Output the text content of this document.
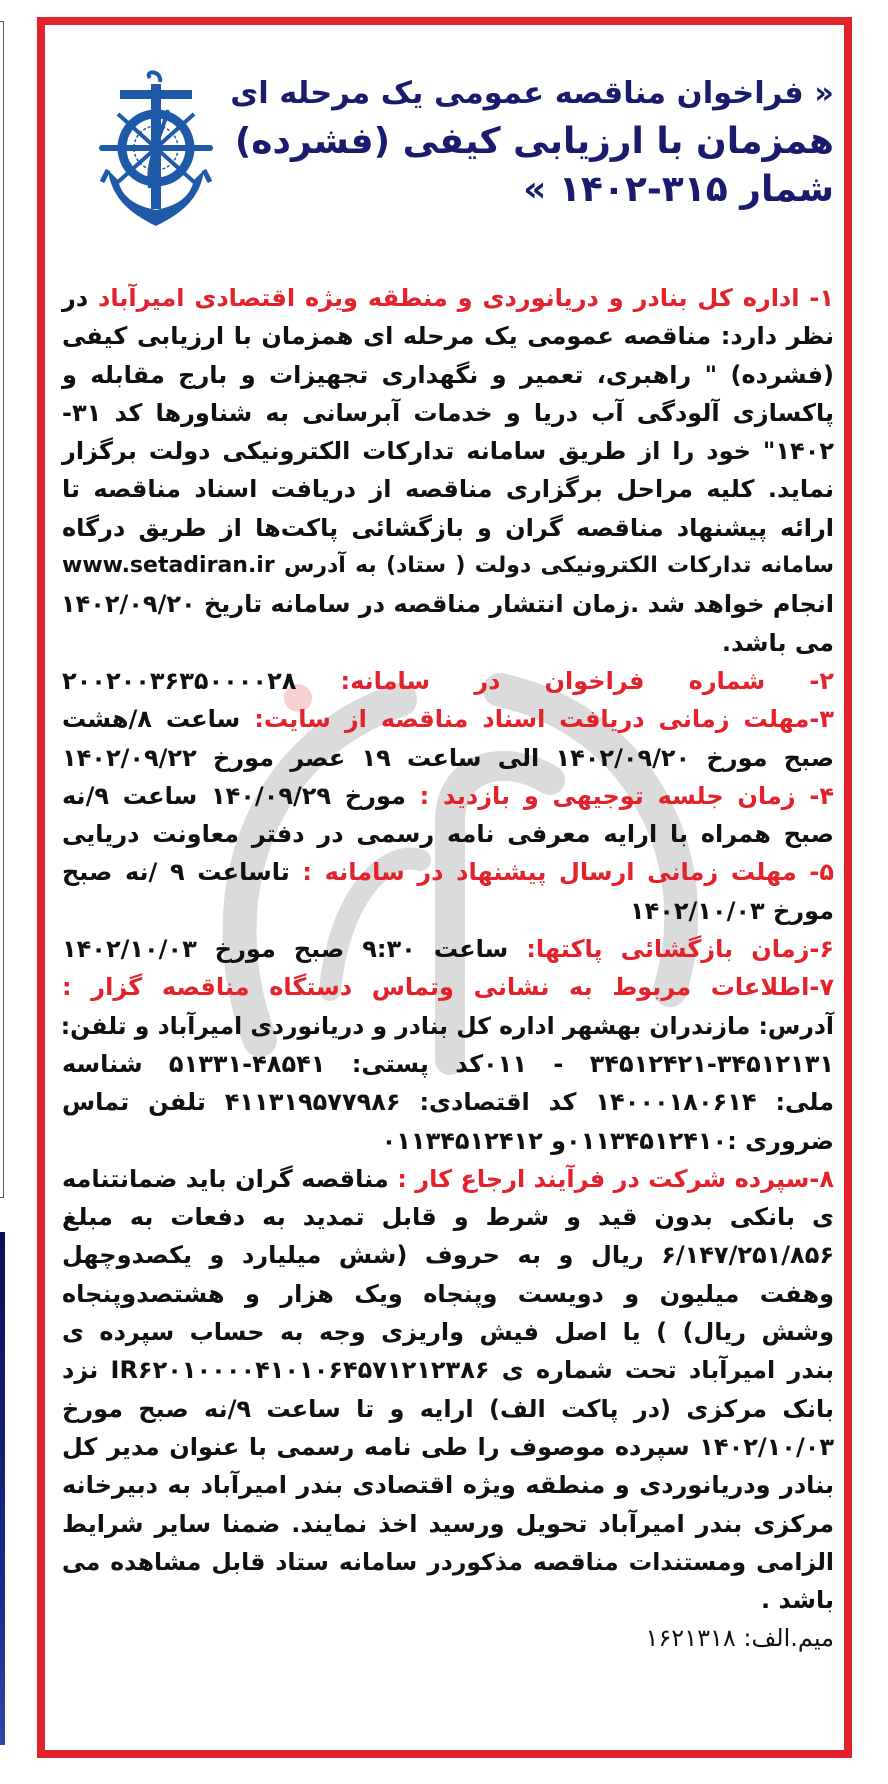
« فراخوان مناقصه عمومی یک مرحله ای
همزمان با ارزیابی کیفی (فشرده)
شمار ۳۱۵-۱۴۰۲ »
۱- اداره کل بنادر و دریانوردی و منطقه ویژه اقتصادی امیرآباد در
نظر دارد: مناقصه عمومی یک مرحله ای همزمان با ارزیابی کیفی
(فشرده) " راهبری، تعمیر و نگهداری تجهیزات و بارج مقابله و
پاکسازی آلودگی آب دریا و خدمات آبرسانی به شناورها کد ۳۱-
۱۴۰۲" خود را از طریق سامانه تدارکات الکترونیکی دولت برگزار
نماید. کلیه مراحل برگزاری مناقصه از دریافت اسناد مناقصه تا
ارائه پیشنهاد مناقصه گران و بازگشائی پاکت‌ها از طریق درگاه
سامانه تدارکات الکترونیکی دولت ( ستاد) به آدرس www.setadiran.ir
انجام خواهد شد .زمان انتشار مناقصه در سامانه تاریخ ۱۴۰۲/۰۹/۲۰
می باشد.
۲- شماره فراخوان در سامانه: ۲۰۰۲۰۰۳۶۳۵۰۰۰۰۲۸
۳-مهلت زمانی دریافت اسناد مناقصه از سایت: ساعت ۸/هشت
صبح مورخ ۱۴۰۲/۰۹/۲۰ الی ساعت ۱۹ عصر مورخ ۱۴۰۲/۰۹/۲۲
۴- زمان جلسه توجیهی و بازدید : مورخ ۱۴۰/۰۹/۲۹ ساعت ۹/نه
صبح همراه با ارایه معرفی نامه رسمی در دفتر معاونت دریایی
۵- مهلت زمانی ارسال پیشنهاد در سامانه : تاساعت ۹ /نه صبح
مورخ ۱۴۰۲/۱۰/۰۳
۶-زمان بازگشائی پاکتها: ساعت ۹:۳۰ صبح مورخ ۱۴۰۲/۱۰/۰۳
۷-اطلاعات مربوط به نشانی وتماس دستگاه مناقصه گزار :
آدرس: مازندران بهشهر اداره کل بنادر و دریانوردی امیرآباد و تلفن:
۳۴۵۱۲۴۲۱-۳۴۵۱۲۱۳۱ - ۰۱۱کد پستی: ۴۸۵۴۱-۵۱۳۳۱ شناسه
ملی: ۱۴۰۰۰۱۸۰۶۱۴ کد اقتصادی: ۴۱۱۳۱۹۵۷۷۹۸۶ تلفن تماس
ضروری :۰۱۱۳۴۵۱۲۴۱۰و ۰۱۱۳۴۵۱۲۴۱۲
۸-سپرده شرکت در فرآیند ارجاع کار : مناقصه گران باید ضمانتنامه
ی بانکی بدون قید و شرط و قابل تمدید به دفعات به مبلغ
۶/۱۴۷/۲۵۱/۸۵۶ ریال و به حروف (شش میلیارد و یکصدوچهل
وهفت میلیون و دویست وپنجاه ویک هزار و هشتصدوپنجاه
وشش ریال) ) یا اصل فیش واریزی وجه به حساب سپرده ی
بندر امیرآباد تحت شماره ی IR۶۲۰۱۰۰۰۰۴۱۰۱۰۶۴۵۷۱۲۱۲۳۸۶ نزد
بانک مرکزی (در پاکت الف) ارایه و تا ساعت ۹/نه صبح مورخ
۱۴۰۲/۱۰/۰۳ سپرده موصوف را طی نامه رسمی با عنوان مدیر کل
بنادر ودریانوردی و منطقه ویژه اقتصادی بندر امیرآباد به دبیرخانه
مرکزی بندر امیرآباد تحویل ورسید اخذ نمایند. ضمنا سایر شرایط
الزامی ومستندات مناقصه مذکوردر سامانه ستاد قابل مشاهده می
باشد .
میم.الف: ۱۶۲۱۳۱۸
